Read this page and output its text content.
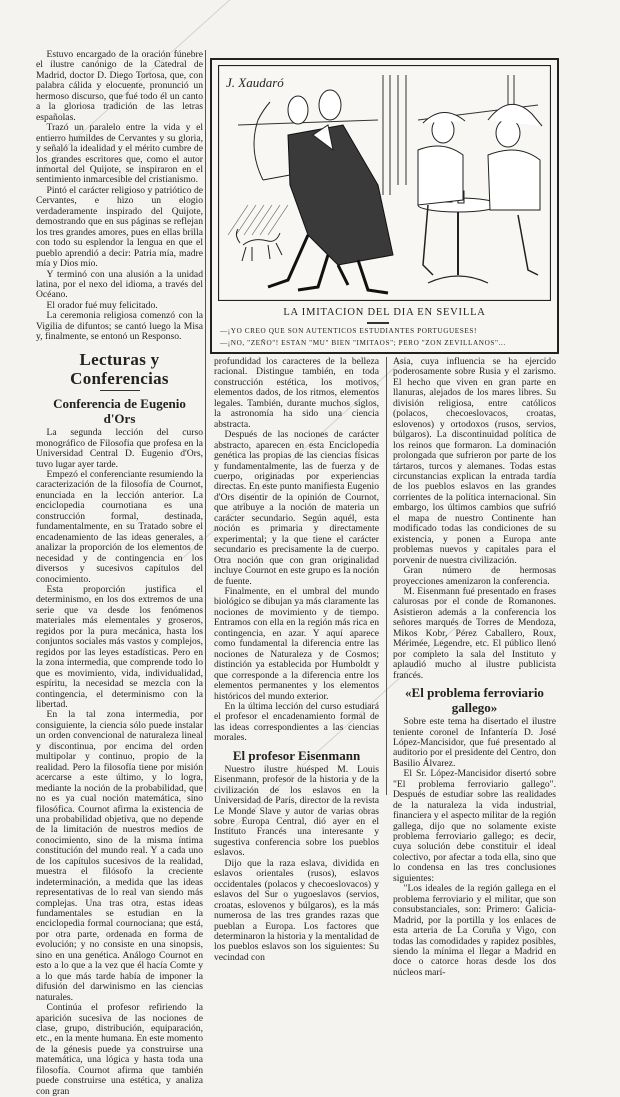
Estuvo encargado de la oración fúnebre el ilustre canónigo de la Catedral de Madrid, doctor D. Diego Tortosa, que, con palabra cálida y elocuente, pronunció un hermoso discurso, que fué todo él un canto a la gloriosa tradición de las letras españolas.

Trazó un paralelo entre la vida y el entierro humildes de Cervantes y su gloria, y señaló la idealidad y el mérito cumbre de los grandes escritores que, como el autor inmortal del Quijote, se inspiraron en el sentimiento inmarcesible del cristianismo.

Pintó el carácter religioso y patriótico de Cervantes, e hizo un elogio verdaderamente inspirado del Quijote, demostrando que en sus páginas se reflejan los tres grandes amores, pues en ellas brilla con todo su esplendor la lengua en que el pueblo aprendió a decir: Patria mía, madre mía y Dios mío.

Y terminó con una alusión a la unidad latina, por el nexo del idioma, a través del Océano.

El orador fué muy felicitado.

La ceremonia religiosa comenzó con la Vigilia de difuntos; se cantó luego la Misa y, finalmente, se entonó un Responso.

Lecturas y Conferencias
Conferencia de Eugenio d'Ors

La segunda lección del curso monográfico de Filosofía que profesa en la Universidad Central D. Eugenio d'Ors, tuvo lugar ayer tarde.

Empezó el conferenciante resumiendo la caracterización de la filosofía de Cournot, enunciada en la lección anterior. La enciclopedia cournotiana es una construcción formal, destinada, fundamentalmente, en su Tratado sobre el encadenamiento de las ideas generales, a analizar la proporción de los elementos de necesidad y de contingencia en los diversos y sucesivos capítulos del conocimiento.

Esta proporción justifica el determinismo, en los dos extremos de una serie que va desde los fenómenos materiales más elementales y groseros, regidos por la pura mecánica, hasta los conjuntos sociales más vastos y complejos, regidos por las leyes estadísticas. Pero en la zona intermedia, que comprende todo lo que es movimiento, vida, individualidad, espíritu, la necesidad se mezcla con la contingencia, el determinismo con la libertad.

En la tal zona intermedia, por consiguiente, la ciencia sólo puede instalar un orden convencional de naturaleza lineal y discontinua, por encima del orden multipolar y continuo, propio de la realidad. Pero la filosofía tiene por misión acercarse a este último, y lo logra, mediante la noción de la probabilidad, que no es ya cual noción matemática, sino filosófica. Cournot afirma la existencia de una probabilidad objetiva, que no depende de la limitación de nuestros medios de conocimiento, sino de la misma íntima constitución del mundo real. Y a cada uno de los capítulos sucesivos de la realidad, muestra el filósofo la creciente indeterminación, a medida que las ideas representativas de lo real van siendo más complejas. Una tras otra, estas ideas fundamentales se estudian en la enciclopedia formal cournociana; que está, por otra parte, ordenada en forma de evolución; y no consiste en una sinopsis, sino en una genética. Análogo Cournot en esto a lo que a la vez que él hacía Comte y a lo que más tarde había de imponer la difusión del darwinismo en las ciencias naturales.

Continúa el profesor refiriendo la aparición sucesiva de las nociones de clase, grupo, distribución, equiparación, etc., en la mente humana. En este momento de la génesis puede ya construirse una matemática, una lógica y hasta toda una filosofía. Cournot afirma que también puede construirse una estética, y analiza con gran

J. Xaudaró
LA IMITACION DEL DIA EN SEVILLA
—¡YO CREO QUE SON AUTENTICOS ESTUDIANTES PORTUGUESES!
—¡NO, "ZEÑO"! ESTAN "MU" BIEN "IMITAOS"; PERO "ZON ZEVILLANOS"...

profundidad los caracteres de la belleza racional. Distingue también, en toda construcción estética, los motivos, elementos dados, de los ritmos, elementos legales. También, durante muchos siglos, la astronomía ha sido una ciencia abstracta.

Después de las nociones de carácter abstracto, aparecen en esta Enciclopedia genética las propias de las ciencias físicas y fundamentalmente, las de fuerza y de cuerpo, originadas por experiencias directas. En este punto manifiesta Eugenio d'Ors disentir de la opinión de Cournot, que atribuye a la noción de materia un carácter secundario. Según aquél, esta noción es primaria y directamente experimental; y la que tiene el carácter secundario es precisamente la de cuerpo. Otra noción que con gran originalidad incluye Cournot en este grupo es la noción de fuente.

Finalmente, en el umbral del mundo biológico se dibujan ya más claramente las nociones de movimiento y de tiempo. Entramos con ella en la región más rica en contingencia, en azar. Y aquí aparece como fundamental la diferencia entre las nociones de Naturaleza y de Cosmos; distinción ya establecida por Humboldt y que corresponde a la diferencia entre los elementos permanentes y los elementos históricos del mundo exterior.

En la última lección del curso estudiará el profesor el encadenamiento formal de las ideas correspondientes a las ciencias morales.

El profesor Eisenmann

Nuestro ilustre huésped M. Louis Eisenmann, profesor de la historia y de la civilización de los eslavos en la Universidad de París, director de la revista Le Monde Slave y autor de varias obras sobre Europa Central, dió ayer en el Instituto Francés una interesante y sugestiva conferencia sobre los pueblos eslavos.

Dijo que la raza eslava, dividida en eslavos orientales (rusos), eslavos occidentales (polacos y checoeslovacos) y eslavos del Sur o yugoeslavos (servios, croatas, eslovenos y búlgaros), es la más numerosa de las tres grandes razas que pueblan a Europa. Los factores que determinaron la historia y la mentalidad de los pueblos eslavos son los siguientes: Su vecindad con

Asia, cuya influencia se ha ejercido poderosamente sobre Rusia y el zarismo. El hecho que viven en gran parte en llanuras, alejados de los mares libres. Su división religiosa, entre católicos (polacos, checoeslovacos, croatas, eslovenos) y ortodoxos (rusos, servios, búlgaros). La discontinuidad política de los reinos que formaron. La dominación prolongada que sufrieron por parte de los tártaros, turcos y alemanes. Todas estas circunstancias explican la entrada tardía de los pueblos eslavos en las grandes corrientes de la política internacional. Sin embargo, los últimos cambios que sufrió el mapa de nuestro Continente han modificado todas las condiciones de su existencia, y ponen a Europa ante problemas nuevos y capitales para el porvenir de nuestra civilización.

Gran número de hermosas proyecciones amenizaron la conferencia.

M. Eisenmann fué presentado en frases calurosas por el conde de Romanones. Asistieron además a la conferencia los señores marqués de Torres de Mendoza, Mikos Kobr, Pérez Caballero, Roux, Mérimée, Legendre, etc. El público llenó por completo la sala del Instituto y aplaudió mucho al ilustre publicista francés.

«El problema ferroviario gallego»

Sobre este tema ha disertado el ilustre teniente coronel de Infantería D. José López-Mancisidor, que fué presentado al auditorio por el presidente del Centro, don Basilio Álvarez.

El Sr. López-Mancisidor disertó sobre "El problema ferroviario gallego". Después de estudiar sobre las realidades de la naturaleza la vida industrial, financiera y el aspecto militar de la región gallega, dijo que no solamente existe problema ferroviario gallego; es decir, cuya solución debe constituir el ideal colectivo, por afectar a toda ella, sino que lo condensa en las tres conclusiones siguientes:

"Los ideales de la región gallega en el problema ferroviario y el militar, que son consubstanciales, son: Primero: Galicia-Madrid, por la portilla y los enlaces de esta arteria de La Coruña y Vigo, con todas las comodidades y rapidez posibles, siendo la mínima el llegar a Madrid en doce o catorce horas desde los dos núcleos marí-
